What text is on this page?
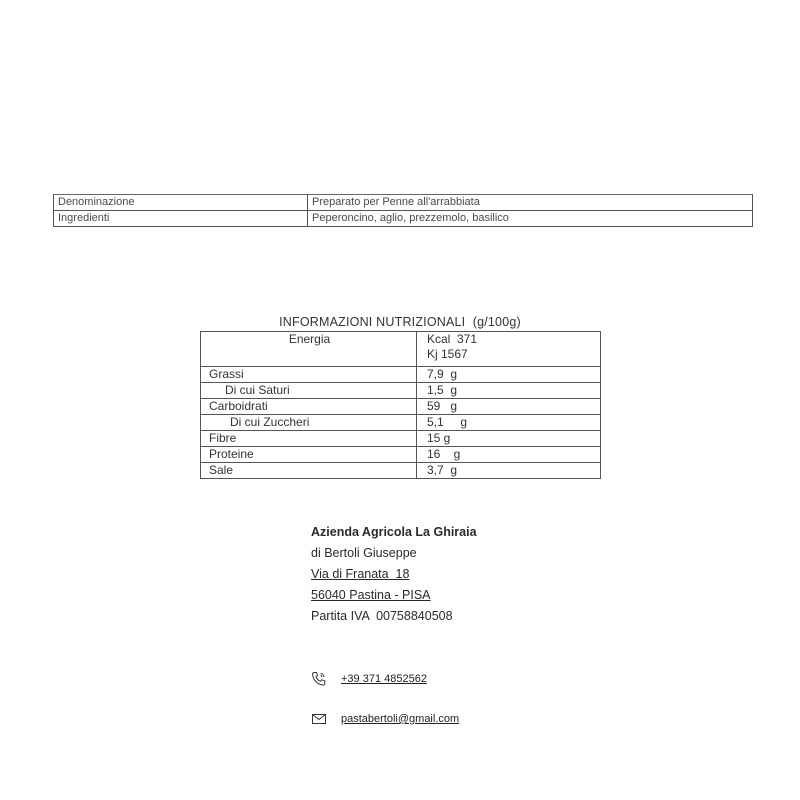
Denominazione	Preparato per Penne all'arrabbiata
Ingredienti	Peperoncino, aglio, prezzemolo, basilico
INFORMAZIONI NUTRIZIONALI  (g/100g)
Energia	Kcal  371
Kj 1567

Grassi	7,9  g
Di cui Saturi	1,5  g
Carboidrati	59   g
Di cui Zuccheri	5,1     g
Fibre	15 g
Proteine	16    g
Sale	3,7  g
Azienda Agricola La Ghiraia
di Bertoli Giuseppe
Via di Franata  18
56040 Pastina - PISA
Partita IVA  00758840508
+39 371 4852562
pastabertoli@gmail.com
